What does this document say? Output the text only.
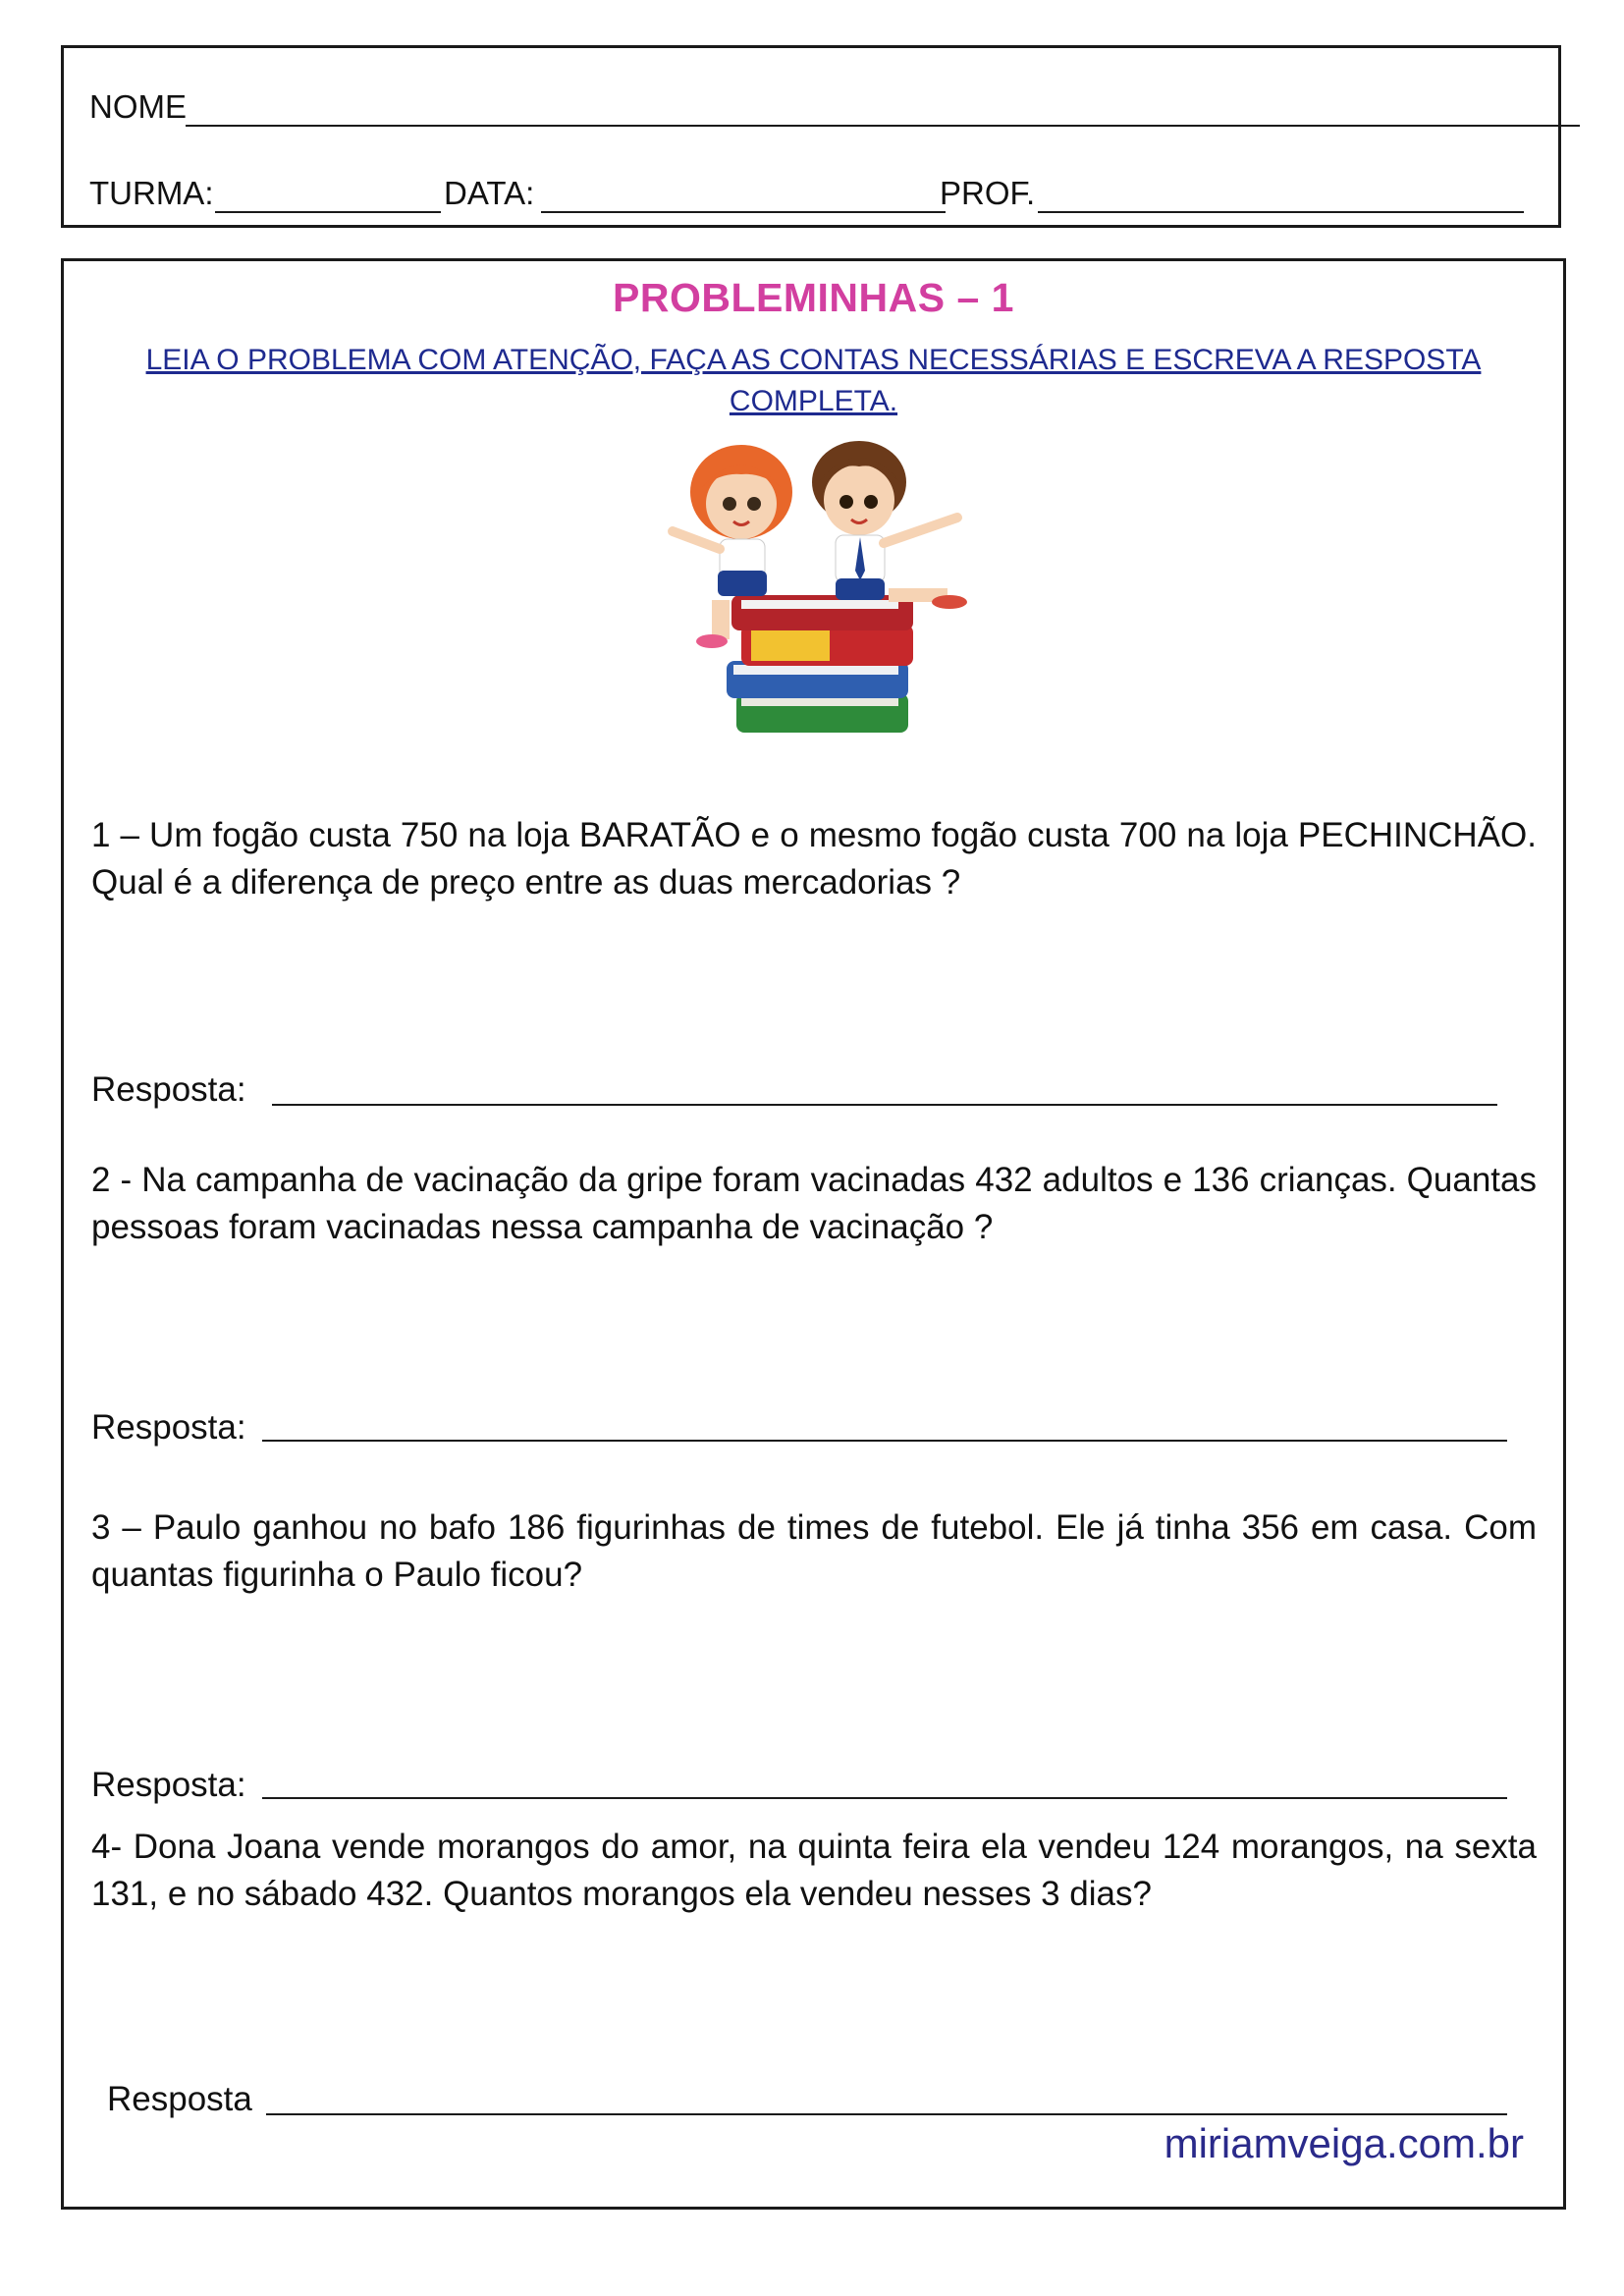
NOME
TURMA:	DATA:	PROF.
PROBLEMINHAS – 1
LEIA O PROBLEMA COM ATENÇÃO, FAÇA AS CONTAS NECESSÁRIAS E ESCREVA A RESPOSTA COMPLETA.
1 – Um fogão custa 750 na loja BARATÃO e o mesmo fogão custa 700 na loja PECHINCHÃO. Qual é a diferença de preço entre as duas mercadorias ?
Resposta:
2 - Na campanha de vacinação da gripe foram vacinadas 432 adultos e 136 crianças. Quantas pessoas foram vacinadas nessa campanha de vacinação ?
Resposta:
3 – Paulo ganhou no bafo 186 figurinhas de times de futebol. Ele já tinha 356 em casa. Com quantas figurinha o Paulo ficou?
Resposta:
4- Dona Joana vende morangos do amor, na quinta feira ela vendeu 124 morangos, na sexta 131, e no sábado 432. Quantos morangos ela vendeu nesses 3 dias?
Resposta
miriamveiga.com.br
